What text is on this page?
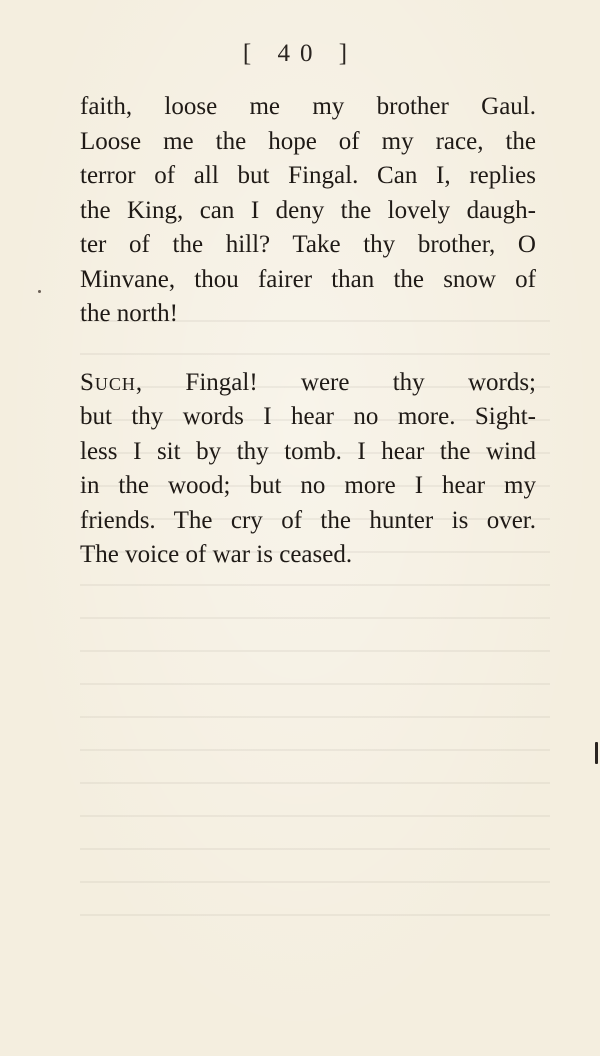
[ 40 ]
faith, loose me my brother Gaul.
Loose me the hope of my race, the
terror of all but Fingal. Can I, replies
the King, can I deny the lovely daugh-
ter of the hill? Take thy brother, O
Minvane, thou fairer than the snow of
the north!
Such, Fingal! were thy words;
but thy words I hear no more. Sight-
less I sit by thy tomb. I hear the wind
in the wood; but no more I hear my
friends. The cry of the hunter is over.
The voice of war is ceased.
